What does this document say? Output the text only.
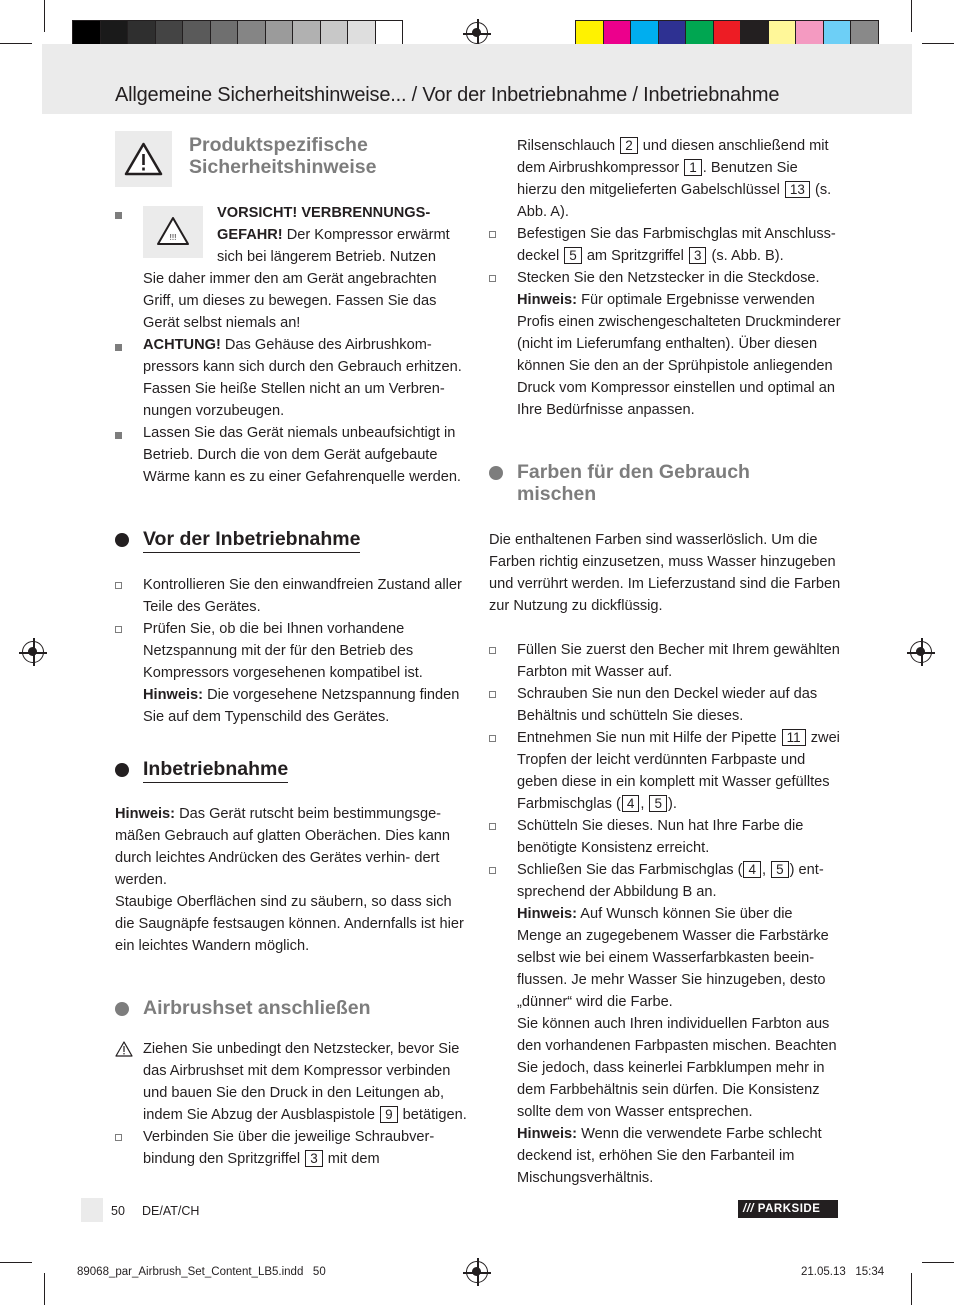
Allgemeine Sicherheitshinweise... / Vor der Inbetriebnahme / Inbetriebnahme
Produktspezifische
Sicherheitshinweise
!!!

VORSICHT! VERBRENNUNGS-

GEFAHR! Der Kompressor erwärmt

sich bei längerem Betrieb. Nutzen

Sie daher immer den am Gerät angebrachten Griff, um dieses zu bewegen. Fassen Sie das Gerät selbst niemals an!

ACHTUNG! Das Gehäuse des Airbrushkom- pressors kann sich durch den Gebrauch erhitzen. Fassen Sie heiße Stellen nicht an um Verbren- nungen vorzubeugen.

Lassen Sie das Gerät niemals unbeaufsichtigt in Betrieb. Durch die von dem Gerät aufgebaute Wärme kann es zu einer Gefahrenquelle werden.

Vor der Inbetriebnahme

Kontrollieren Sie den einwandfreien Zustand aller Teile des Gerätes.

Prüfen Sie, ob die bei Ihnen vorhandene Netzspannung mit der für den Betrieb des Kompressors vorgesehenen kompatibel ist.

Hinweis: Die vorgesehene Netzspannung finden Sie auf dem Typenschild des Gerätes.

Inbetriebnahme

Hinweis: Das Gerät rutscht beim bestimmungsge- mäßen Gebrauch auf glatten Oberächen. Dies kann durch leichtes Andrücken des Gerätes verhin- dert werden.

Staubige Oberflächen sind zu säubern, so dass sich die Saugnäpfe festsaugen können. Andernfalls ist hier ein leichtes Wandern möglich.

Airbrushset anschließen

Ziehen Sie unbedingt den Netzstecker, bevor Sie das Airbrushset mit dem Kompressor verbinden und bauen Sie den Druck in den Leitungen ab, indem Sie Abzug der Ausblaspistole 9 betätigen.

Verbinden Sie über die jeweilige Schraubver- bindung den Spritzgriffel 3 mit dem

Rilsenschlauch 2 und diesen anschließend mit dem Airbrushkompressor 1 . Benutzen Sie hierzu den mitgelieferten Gabelschlüssel 13 (s. Abb. A).

Befestigen Sie das Farbmischglas mit Anschluss- deckel 5 am Spritzgriffel 3 (s. Abb. B).

Stecken Sie den Netzstecker in die Steckdose.

Hinweis: Für optimale Ergebnisse verwenden Profis einen zwischengeschalteten Druckminderer (nicht im Lieferumfang enthalten). Über diesen können Sie den an der Sprühpistole anliegenden Druck vom Kompressor einstellen und optimal an Ihre Bedürfnisse anpassen.

Farben für den Gebrauch
mischen

Die enthaltenen Farben sind wasserlöslich. Um die Farben richtig einzusetzen, muss Wasser hinzugeben und verrührt werden. Im Lieferzustand sind die Farben zur Nutzung zu dickflüssig.

Füllen Sie zuerst den Becher mit Ihrem gewählten Farbton mit Wasser auf.

Schrauben Sie nun den Deckel wieder auf das Behältnis und schütteln Sie dieses.

Entnehmen Sie nun mit Hilfe der Pipette 11 zwei Tropfen der leicht verdünnten Farbpaste und geben diese in ein komplett mit Wasser gefülltes Farbmischglas ( 4 , 5 ).

Schütteln Sie dieses. Nun hat Ihre Farbe die benötigte Konsistenz erreicht.

Schließen Sie das Farbmischglas ( 4 , 5 ) ent- sprechend der Abbildung B an.

Hinweis: Auf Wunsch können Sie über die Menge an zugegebenem Wasser die Farbstärke selbst wie bei einem Wasserfarbkasten beein- flussen. Je mehr Wasser Sie hinzugeben, desto „dünner“ wird die Farbe.

Sie können auch Ihren individuellen Farbton aus den vorhandenen Farbpasten mischen. Beachten Sie jedoch, dass keinerlei Farbklumpen mehr in dem Farbbehältnis sein dürfen. Die Konsistenz sollte dem von Wasser entsprechen.

Hinweis: Wenn die verwendete Farbe schlecht deckend ist, erhöhen Sie den Farbanteil im Mischungsverhältnis.

50 DE/AT/CH	/// PARKSIDE
89068_par_Airbrush_Set_Content_LB5.indd   50	21.05.13   15:34
